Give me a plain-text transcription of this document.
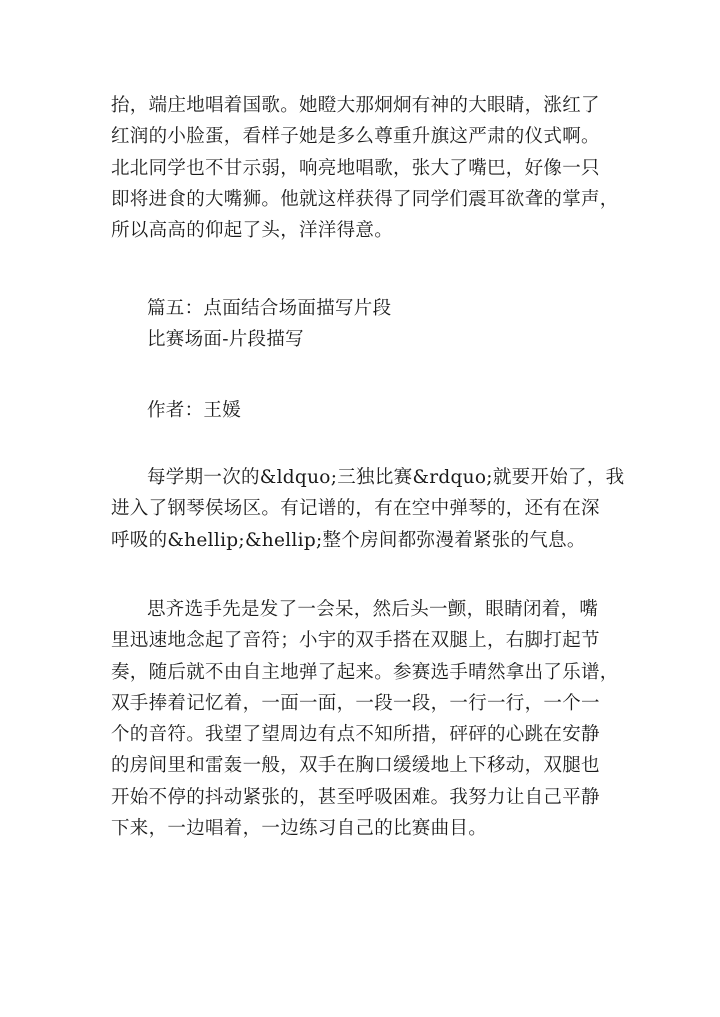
抬，端庄地唱着国歌。她瞪大那炯炯有神的大眼睛，涨红了
红润的小脸蛋，看样子她是多么尊重升旗这严肃的仪式啊。
北北同学也不甘示弱，响亮地唱歌，张大了嘴巴，好像一只
即将进食的大嘴狮。他就这样获得了同学们震耳欲聋的掌声，
所以高高的仰起了头，洋洋得意。
篇五：点面结合场面描写片段
比赛场面-片段描写
作者：王媛
每学期一次的&ldquo;三独比赛&rdquo;就要开始了，我
进入了钢琴侯场区。有记谱的，有在空中弹琴的，还有在深
呼吸的&hellip;&hellip;整个房间都弥漫着紧张的气息。
思齐选手先是发了一会呆，然后头一颤，眼睛闭着，嘴
里迅速地念起了音符；小宇的双手搭在双腿上，右脚打起节
奏，随后就不由自主地弹了起来。参赛选手晴然拿出了乐谱，
双手捧着记忆着，一面一面，一段一段，一行一行，一个一
个的音符。我望了望周边有点不知所措，砰砰的心跳在安静
的房间里和雷轰一般，双手在胸口缓缓地上下移动，双腿也
开始不停的抖动紧张的，甚至呼吸困难。我努力让自己平静
下来，一边唱着，一边练习自己的比赛曲目。
